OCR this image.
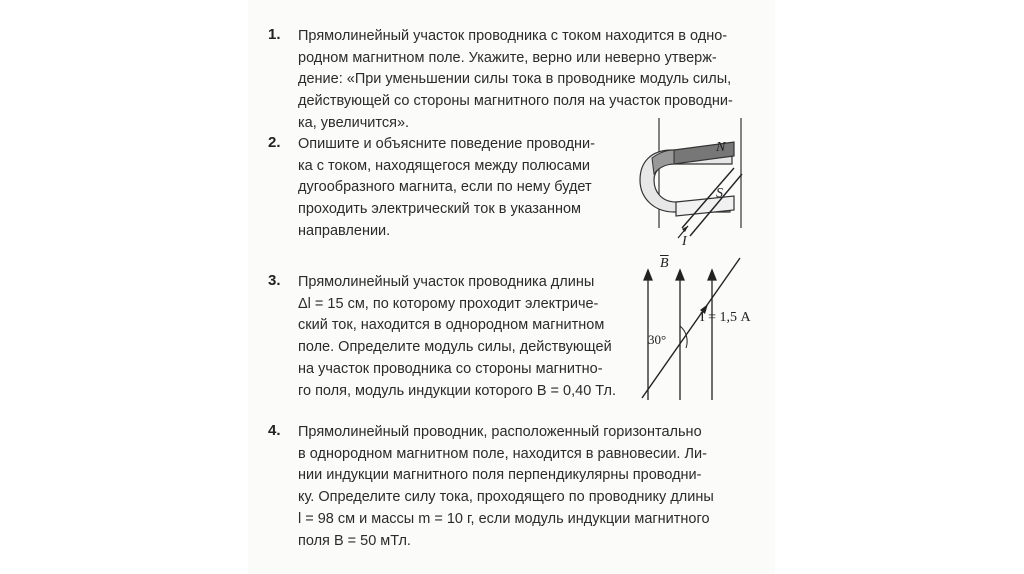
1. Прямолинейный участок проводника с током находится в одно-
родном магнитном поле. Укажите, верно или неверно утверж-
дение: «При уменьшении силы тока в проводнике модуль силы,
действующей со стороны магнитного поля на участок проводни-
ка, увеличится».
2. Опишите и объясните поведение проводни-
ка с током, находящегося между полюсами
дугообразного магнита, если по нему будет
проходить электрический ток в указанном
направлении.
N
S
I
3. Прямолинейный участок проводника длины
Δl = 15 см, по которому проходит электриче-
ский ток, находится в однородном магнитном
поле. Определите модуль силы, действующей
на участок проводника со стороны магнитно-
го поля, модуль индукции которого B = 0,40 Тл.
$\overline{B}$
30°
I = 1,5 А
4. Прямолинейный проводник, расположенный горизонтально
в однородном магнитном поле, находится в равновесии. Ли-
нии индукции магнитного поля перпендикулярны проводни-
ку. Определите силу тока, проходящего по проводнику длины
l = 98 см и массы m = 10 г, если модуль индукции магнитного
поля B = 50 мТл.
